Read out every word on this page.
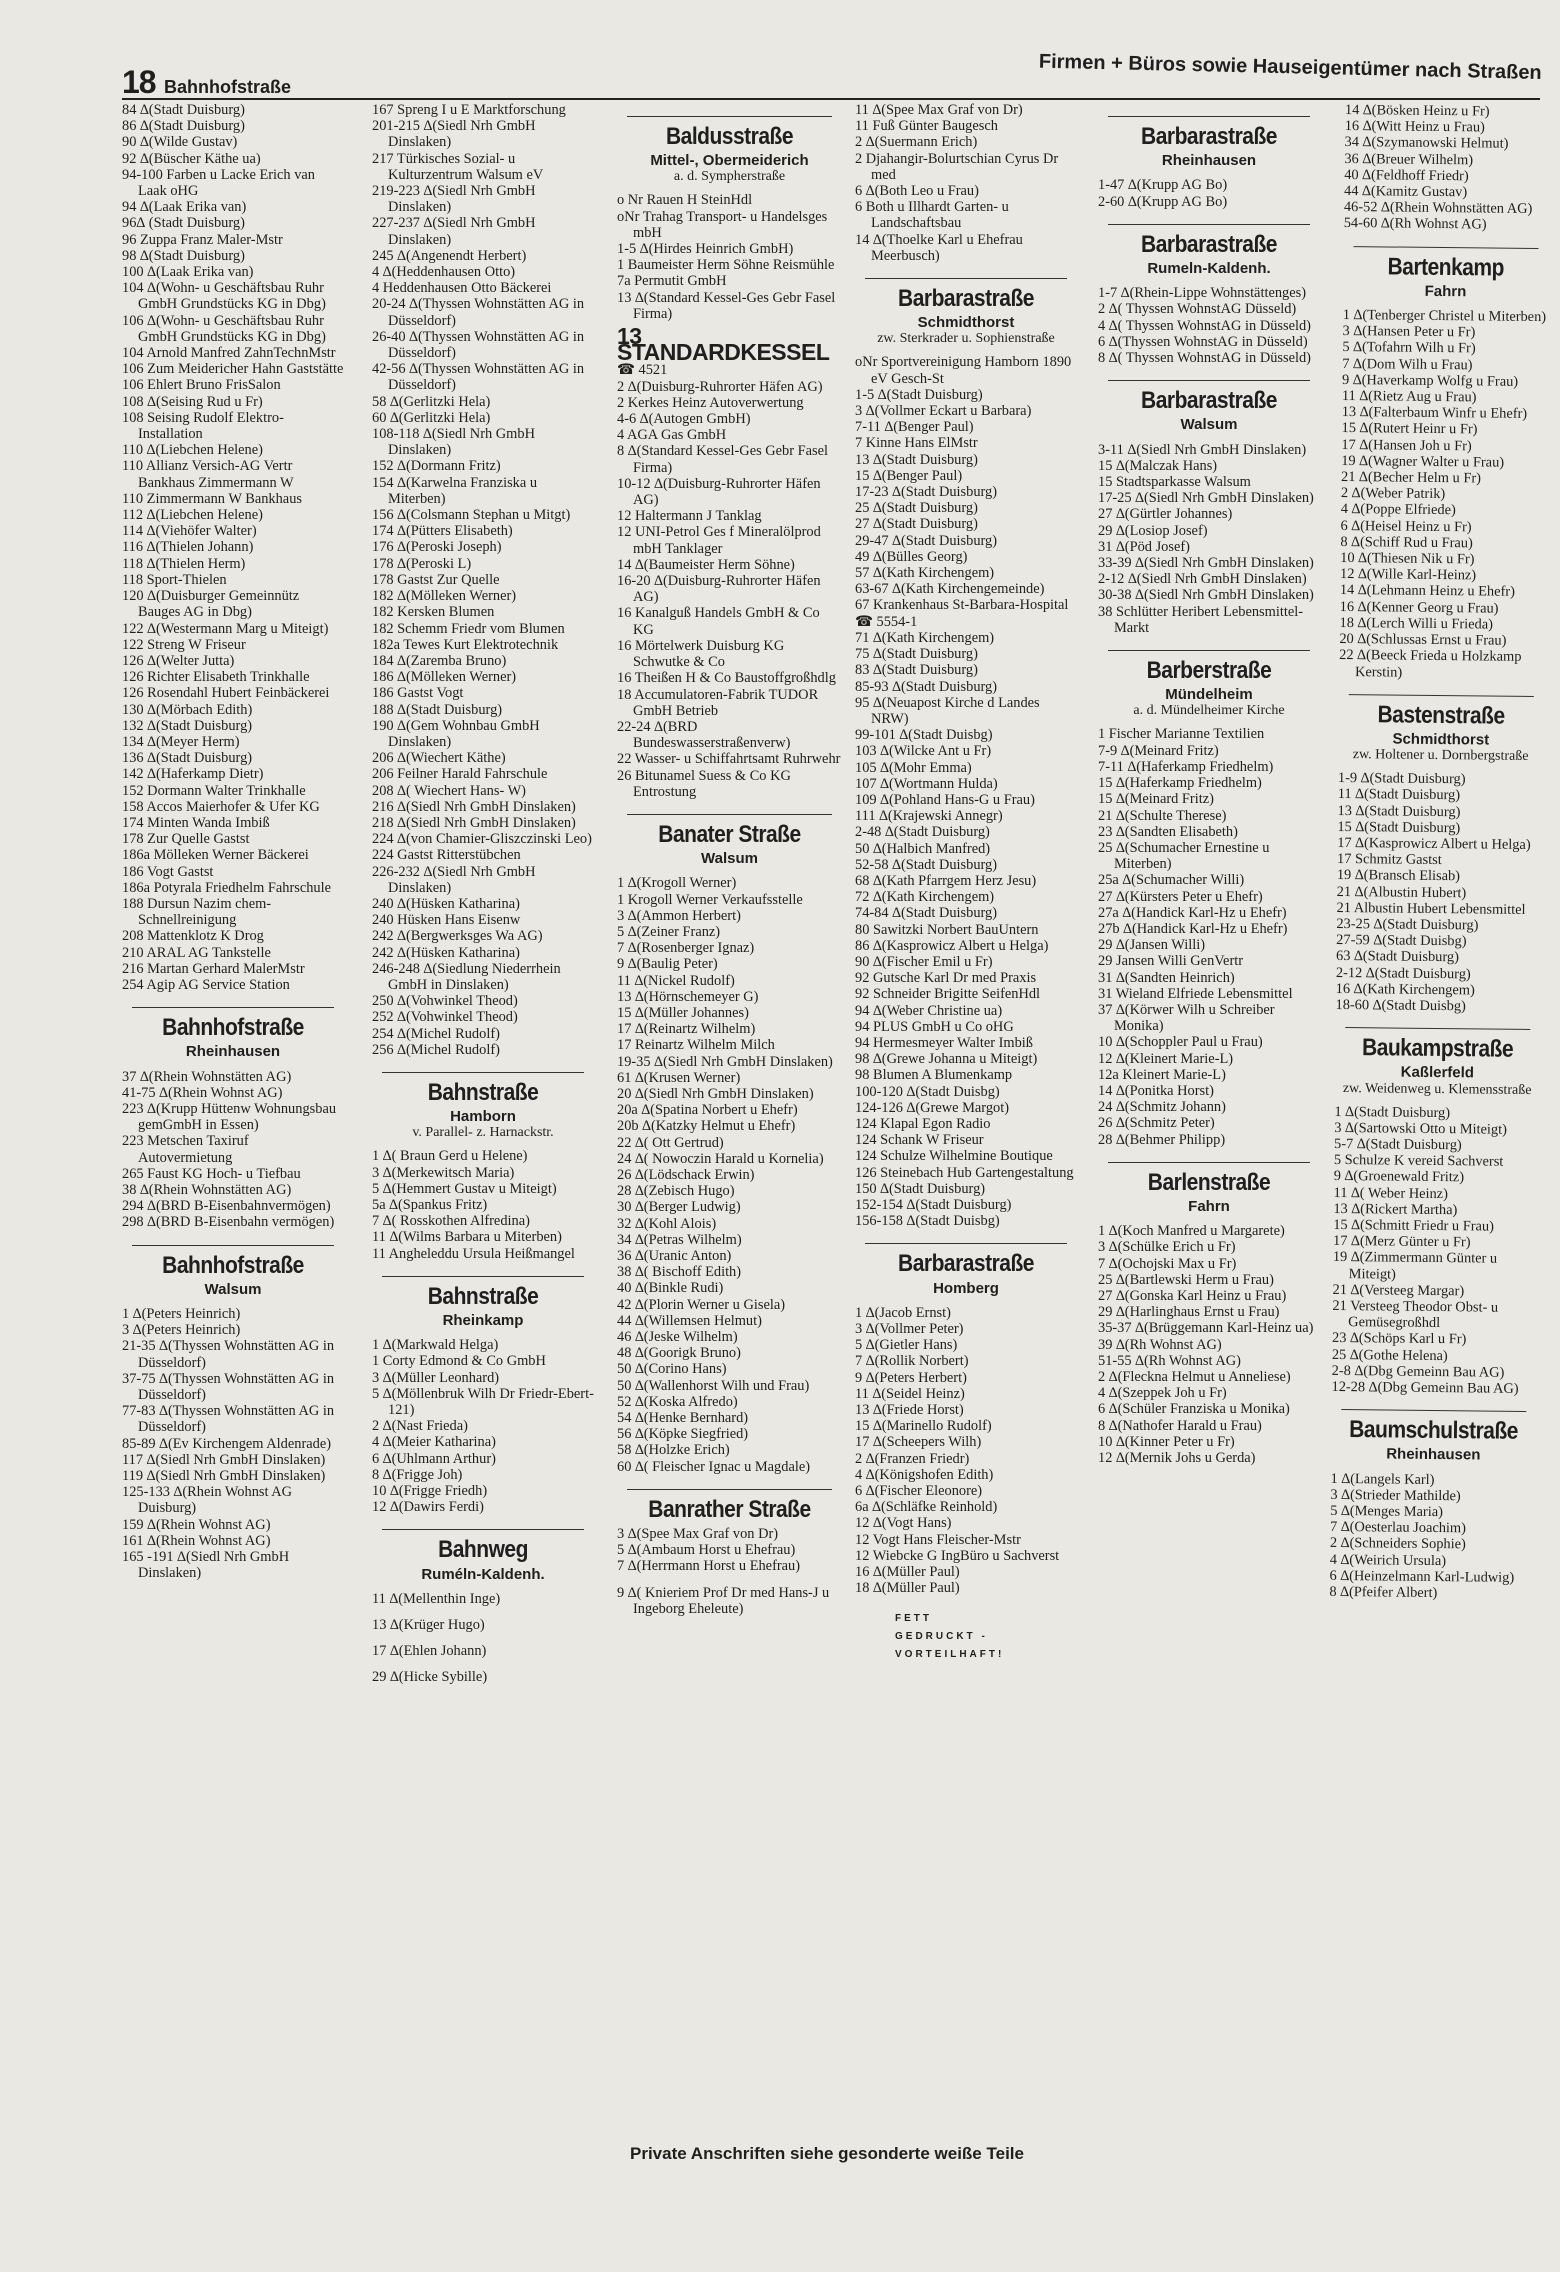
18 Bahnhofstraße
Firmen + Büros sowie Hauseigentümer nach Straßen
84 ∆(Stadt Duisburg)
86 ∆(Stadt Duisburg)
90 ∆(Wilde Gustav)
92 ∆(Büscher Käthe ua)
94-100 Farben u Lacke Erich van Laak oHG
94 ∆(Laak Erika van)
96∆ (Stadt Duisburg)
96 Zuppa Franz Maler-Mstr
98 ∆(Stadt Duisburg)
100 ∆(Laak Erika van)
104 ∆(Wohn- u Geschäftsbau Ruhr GmbH Grundstücks KG in Dbg)
106 ∆(Wohn- u Geschäftsbau Ruhr GmbH Grundstücks KG in Dbg)
104 Arnold Manfred ZahnTechnMstr
106 Zum Meidericher Hahn Gaststätte
106 Ehlert Bruno FrisSalon
108 ∆(Seising Rud u Fr)
108 Seising Rudolf Elektro-Installation
110 ∆(Liebchen Helene)
110 Allianz Versich-AG Vertr Bankhaus Zimmermann W
110 Zimmermann W Bankhaus
112 ∆(Liebchen Helene)
114 ∆(Viehöfer Walter)
116 ∆(Thielen Johann)
118 ∆(Thielen Herm)
118 Sport-Thielen
120 ∆(Duisburger Gemeinnütz Bauges AG in Dbg)
122 ∆(Westermann Marg u Miteigt)
122 Streng W Friseur
126 ∆(Welter Jutta)
126 Richter Elisabeth Trinkhalle
126 Rosendahl Hubert Feinbäckerei
130 ∆(Mörbach Edith)
132 ∆(Stadt Duisburg)
134 ∆(Meyer Herm)
136 ∆(Stadt Duisburg)
142 ∆(Haferkamp Dietr)
152 Dormann Walter Trinkhalle
158 Accos Maierhofer & Ufer KG
174 Minten Wanda Imbiß
178 Zur Quelle Gastst
186a Mölleken Werner Bäckerei
186 Vogt Gastst
186a Potyrala Friedhelm Fahrschule
188 Dursun Nazim chem-Schnellreinigung
208 Mattenklotz K Drog
210 ARAL AG Tankstelle
216 Martan Gerhard MalerMstr
254 Agip AG Service Station
Bahnhofstraße
Rheinhausen
37 ∆(Rhein Wohnstätten AG)
41-75 ∆(Rhein Wohnst AG)
223 ∆(Krupp Hüttenw Wohnungsbau gemGmbH in Essen)
223 Metschen Taxiruf Autovermietung
265 Faust KG Hoch- u Tiefbau
38 ∆(Rhein Wohnstätten AG)
294 ∆(BRD B-Eisenbahnvermögen)
298 ∆(BRD B-Eisenbahn vermögen)
Bahnhofstraße
Walsum
1 ∆(Peters Heinrich)
3 ∆(Peters Heinrich)
21-35 ∆(Thyssen Wohnstätten AG in Düsseldorf)
37-75 ∆(Thyssen Wohnstätten AG in Düsseldorf)
77-83 ∆(Thyssen Wohnstätten AG in Düsseldorf)
85-89 ∆(Ev Kirchengem Aldenrade)
117 ∆(Siedl Nrh GmbH Dinslaken)
119 ∆(Siedl Nrh GmbH Dinslaken)
125-133 ∆(Rhein Wohnst AG Duisburg)
159 ∆(Rhein Wohnst AG)
161 ∆(Rhein Wohnst AG)
165 -191 ∆(Siedl Nrh GmbH Dinslaken)
167 Spreng I u E Marktforschung
201-215 ∆(Siedl Nrh GmbH Dinslaken)
217 Türkisches Sozial- u Kulturzentrum Walsum eV
219-223 ∆(Siedl Nrh GmbH Dinslaken)
227-237 ∆(Siedl Nrh GmbH Dinslaken)
245 ∆(Angenendt Herbert)
4 ∆(Heddenhausen Otto)
4 Heddenhausen Otto Bäckerei
20-24 ∆(Thyssen Wohnstätten AG in Düsseldorf)
26-40 ∆(Thyssen Wohnstätten AG in Düsseldorf)
42-56 ∆(Thyssen Wohnstätten AG in Düsseldorf)
58 ∆(Gerlitzki Hela)
60 ∆(Gerlitzki Hela)
108-118 ∆(Siedl Nrh GmbH Dinslaken)
152 ∆(Dormann Fritz)
154 ∆(Karwelna Franziska u Miterben)
156 ∆(Colsmann Stephan u Mitgt)
174 ∆(Pütters Elisabeth)
176 ∆(Peroski Joseph)
178 ∆(Peroski L)
178 Gastst Zur Quelle
182 ∆(Mölleken Werner)
182 Kersken Blumen
182 Schemm Friedr vom Blumen
182a Tewes Kurt Elektrotechnik
184 ∆(Zaremba Bruno)
186 ∆(Mölleken Werner)
186 Gastst Vogt
188 ∆(Stadt Duisburg)
190 ∆(Gem Wohnbau GmbH Dinslaken)
206 ∆(Wiechert Käthe)
206 Feilner Harald Fahrschule
208 ∆( Wiechert Hans- W)
216 ∆(Siedl Nrh GmbH Dinslaken)
218 ∆(Siedl Nrh GmbH Dinslaken)
224 ∆(von Chamier-Gliszczinski Leo)
224 Gastst Ritterstübchen
226-232 ∆(Siedl Nrh GmbH Dinslaken)
240 ∆(Hüsken Katharina)
240 Hüsken Hans Eisenw
242 ∆(Bergwerksges Wa AG)
242 ∆(Hüsken Katharina)
246-248 ∆(Siedlung Niederrhein GmbH in Dinslaken)
250 ∆(Vohwinkel Theod)
252 ∆(Vohwinkel Theod)
254 ∆(Michel Rudolf)
256 ∆(Michel Rudolf)
Bahnstraße
Hamborn
v. Parallel- z. Harnackstr.
1 ∆( Braun Gerd u Helene)
3 ∆(Merkewitsch Maria)
5 ∆(Hemmert Gustav u Miteigt)
5a ∆(Spankus Fritz)
7 ∆( Rosskothen Alfredina)
11 ∆(Wilms Barbara u Miterben)
11 Angheleddu Ursula Heißmangel
Bahnstraße
Rheinkamp
1 ∆(Markwald Helga)
1 Corty Edmond & Co GmbH
3 ∆(Müller Leonhard)
5 ∆(Möllenbruk Wilh Dr Friedr-Ebert-121)
2 ∆(Nast Frieda)
4 ∆(Meier Katharina)
6 ∆(Uhlmann Arthur)
8 ∆(Frigge Joh)
10 ∆(Frigge Friedh)
12 ∆(Dawirs Ferdi)
Bahnweg
Ruméln-Kaldenh.
11 ∆(Mellenthin Inge)
13 ∆(Krüger Hugo)
17 ∆(Ehlen Johann)
29 ∆(Hicke Sybille)
Baldusstraße
Mittel-, Obermeiderich
a. d. Sympherstraße
o Nr Rauen H SteinHdl
oNr Trahag Transport- u Handelsges mbH
1-5 ∆(Hirdes Heinrich GmbH)
1 Baumeister Herm Söhne Reismühle
7a Permutit GmbH
13 ∆(Standard Kessel-Ges Gebr Fasel Firma)
13 STANDARDKESSEL
☎ 4521
2 ∆(Duisburg-Ruhrorter Häfen AG)
2 Kerkes Heinz Autoverwertung
4-6 ∆(Autogen GmbH)
4 AGA Gas GmbH
8 ∆(Standard Kessel-Ges Gebr Fasel Firma)
10-12 ∆(Duisburg-Ruhrorter Häfen AG)
12 Haltermann J Tanklag
12 UNI-Petrol Ges f Mineralölprod mbH Tanklager
14 ∆(Baumeister Herm Söhne)
16-20 ∆(Duisburg-Ruhrorter Häfen AG)
16 Kanalguß Handels GmbH & Co KG
16 Mörtelwerk Duisburg KG Schwutke & Co
16 Theißen H & Co Baustoffgroßhdlg
18 Accumulatoren-Fabrik TUDOR GmbH Betrieb
22-24 ∆(BRD Bundeswasserstraßenverw)
22 Wasser- u Schiffahrtsamt Ruhrwehr
26 Bitunamel Suess & Co KG Entrostung
Banater Straße
Walsum
1 ∆(Krogoll Werner)
1 Krogoll Werner Verkaufsstelle
3 ∆(Ammon Herbert)
5 ∆(Zeiner Franz)
7 ∆(Rosenberger Ignaz)
9 ∆(Baulig Peter)
11 ∆(Nickel Rudolf)
13 ∆(Hörnschemeyer G)
15 ∆(Müller Johannes)
17 ∆(Reinartz Wilhelm)
17 Reinartz Wilhelm Milch
19-35 ∆(Siedl Nrh GmbH Dinslaken)
61 ∆(Krusen Werner)
20 ∆(Siedl Nrh GmbH Dinslaken)
20a ∆(Spatina Norbert u Ehefr)
20b ∆(Katzky Helmut u Ehefr)
22 ∆( Ott Gertrud)
24 ∆( Nowoczin Harald u Kornelia)
26 ∆(Lödschack Erwin)
28 ∆(Zebisch Hugo)
30 ∆(Berger Ludwig)
32 ∆(Kohl Alois)
34 ∆(Petras Wilhelm)
36 ∆(Uranic Anton)
38 ∆( Bischoff Edith)
40 ∆(Binkle Rudi)
42 ∆(Plorin Werner u Gisela)
44 ∆(Willemsen Helmut)
46 ∆(Jeske Wilhelm)
48 ∆(Goorigk Bruno)
50 ∆(Corino Hans)
50 ∆(Wallenhorst Wilh und Frau)
52 ∆(Koska Alfredo)
54 ∆(Henke Bernhard)
56 ∆(Köpke Siegfried)
58 ∆(Holzke Erich)
60 ∆( Fleischer Ignac u Magdale)
Banrather Straße
3 ∆(Spee Max Graf von Dr)
5 ∆(Ambaum Horst u Ehefrau)
7 ∆(Herrmann Horst u Ehefrau)
9 ∆( Knieriem Prof Dr med Hans-J u Ingeborg Eheleute)
11 ∆(Spee Max Graf von Dr)
11 Fuß Günter Baugesch
2 ∆(Suermann Erich)
2 Djahangir-Bolurtschian Cyrus Dr med
6 ∆(Both Leo u Frau)
6 Both u Illhardt Garten- u Landschaftsbau
14 ∆(Thoelke Karl u Ehefrau Meerbusch)
Barbarastraße
Schmidthorst
zw. Sterkrader u. Sophienstraße
oNr Sportvereinigung Hamborn 1890 eV Gesch-St
1-5 ∆(Stadt Duisburg)
3 ∆(Vollmer Eckart u Barbara)
7-11 ∆(Benger Paul)
7 Kinne Hans ElMstr
13 ∆(Stadt Duisburg)
15 ∆(Benger Paul)
17-23 ∆(Stadt Duisburg)
25 ∆(Stadt Duisburg)
27 ∆(Stadt Duisburg)
29-47 ∆(Stadt Duisburg)
49 ∆(Bülles Georg)
57 ∆(Kath Kirchengem)
63-67 ∆(Kath Kirchengemeinde)
67 Krankenhaus St-Barbara-Hospital
☎ 5554-1
71 ∆(Kath Kirchengem)
75 ∆(Stadt Duisburg)
83 ∆(Stadt Duisburg)
85-93 ∆(Stadt Duisburg)
95 ∆(Neuapost Kirche d Landes NRW)
99-101 ∆(Stadt Duisbg)
103 ∆(Wilcke Ant u Fr)
105 ∆(Mohr Emma)
107 ∆(Wortmann Hulda)
109 ∆(Pohland Hans-G u Frau)
111 ∆(Krajewski Annegr)
2-48 ∆(Stadt Duisburg)
50 ∆(Halbich Manfred)
52-58 ∆(Stadt Duisburg)
68 ∆(Kath Pfarrgem Herz Jesu)
72 ∆(Kath Kirchengem)
74-84 ∆(Stadt Duisburg)
80 Sawitzki Norbert BauUntern
86 ∆(Kasprowicz Albert u Helga)
90 ∆(Fischer Emil u Fr)
92 Gutsche Karl Dr med Praxis
92 Schneider Brigitte SeifenHdl
94 ∆(Weber Christine ua)
94 PLUS GmbH u Co oHG
94 Hermesmeyer Walter Imbiß
98 ∆(Grewe Johanna u Miteigt)
98 Blumen A Blumenkamp
100-120 ∆(Stadt Duisbg)
124-126 ∆(Grewe Margot)
124 Klapal Egon Radio
124 Schank W Friseur
124 Schulze Wilhelmine Boutique
126 Steinebach Hub Gartengestaltung
150 ∆(Stadt Duisburg)
152-154 ∆(Stadt Duisburg)
156-158 ∆(Stadt Duisbg)
Barbarastraße
Homberg
1 ∆(Jacob Ernst)
3 ∆(Vollmer Peter)
5 ∆(Gietler Hans)
7 ∆(Rollik Norbert)
9 ∆(Peters Herbert)
11 ∆(Seidel Heinz)
13 ∆(Friede Horst)
15 ∆(Marinello Rudolf)
17 ∆(Scheepers Wilh)
2 ∆(Franzen Friedr)
4 ∆(Königshofen Edith)
6 ∆(Fischer Eleonore)
6a ∆(Schläfke Reinhold)
12 ∆(Vogt Hans)
12 Vogt Hans Fleischer-Mstr
12 Wiebcke G IngBüro u Sachverst
16 ∆(Müller Paul)
18 ∆(Müller Paul)
FETT
GEDRUCKT -
VORTEILHAFT!
Barbarastraße
Rheinhausen
1-47 ∆(Krupp AG Bo)
2-60 ∆(Krupp AG Bo)
Barbarastraße
Rumeln-Kaldenh.
1-7 ∆(Rhein-Lippe Wohnstättenges)
2 ∆( Thyssen WohnstAG Düsseld)
4 ∆( Thyssen WohnstAG in Düsseld)
6 ∆(Thyssen WohnstAG in Düsseld)
8 ∆( Thyssen WohnstAG in Düsseld)
Barbarastraße
Walsum
3-11 ∆(Siedl Nrh GmbH Dinslaken)
15 ∆(Malczak Hans)
15 Stadtsparkasse Walsum
17-25 ∆(Siedl Nrh GmbH Dinslaken)
27 ∆(Gürtler Johannes)
29 ∆(Losiop Josef)
31 ∆(Pöd Josef)
33-39 ∆(Siedl Nrh GmbH Dinslaken)
2-12 ∆(Siedl Nrh GmbH Dinslaken)
30-38 ∆(Siedl Nrh GmbH Dinslaken)
38 Schlütter Heribert Lebensmittel-Markt
Barberstraße
Mündelheim
a. d. Mündelheimer Kirche
1 Fischer Marianne Textilien
7-9 ∆(Meinard Fritz)
7-11 ∆(Haferkamp Friedhelm)
15 ∆(Haferkamp Friedhelm)
15 ∆(Meinard Fritz)
21 ∆(Schulte Therese)
23 ∆(Sandten Elisabeth)
25 ∆(Schumacher Ernestine u Miterben)
25a ∆(Schumacher Willi)
27 ∆(Kürsters Peter u Ehefr)
27a ∆(Handick Karl-Hz u Ehefr)
27b ∆(Handick Karl-Hz u Ehefr)
29 ∆(Jansen Willi)
29 Jansen Willi GenVertr
31 ∆(Sandten Heinrich)
31 Wieland Elfriede Lebensmittel
37 ∆(Körwer Wilh u Schreiber Monika)
10 ∆(Schoppler Paul u Frau)
12 ∆(Kleinert Marie-L)
12a Kleinert Marie-L)
14 ∆(Ponitka Horst)
24 ∆(Schmitz Johann)
26 ∆(Schmitz Peter)
28 ∆(Behmer Philipp)
Barlenstraße
Fahrn
1 ∆(Koch Manfred u Margarete)
3 ∆(Schülke Erich u Fr)
7 ∆(Ochojski Max u Fr)
25 ∆(Bartlewski Herm u Frau)
27 ∆(Gonska Karl Heinz u Frau)
29 ∆(Harlinghaus Ernst u Frau)
35-37 ∆(Brüggemann Karl-Heinz ua)
39 ∆(Rh Wohnst AG)
51-55 ∆(Rh Wohnst AG)
2 ∆(Fleckna Helmut u Anneliese)
4 ∆(Szeppek Joh u Fr)
6 ∆(Schüler Franziska u Monika)
8 ∆(Nathofer Harald u Frau)
10 ∆(Kinner Peter u Fr)
12 ∆(Mernik Johs u Gerda)
14 ∆(Bösken Heinz u Fr)
16 ∆(Witt Heinz u Frau)
34 ∆(Szymanowski Helmut)
36 ∆(Breuer Wilhelm)
40 ∆(Feldhoff Friedr)
44 ∆(Kamitz Gustav)
46-52 ∆(Rhein Wohnstätten AG)
54-60 ∆(Rh Wohnst AG)
Bartenkamp
Fahrn
1 ∆(Tenberger Christel u Miterben)
3 ∆(Hansen Peter u Fr)
5 ∆(Tofahrn Wilh u Fr)
7 ∆(Dom Wilh u Frau)
9 ∆(Haverkamp Wolfg u Frau)
11 ∆(Rietz Aug u Frau)
13 ∆(Falterbaum Winfr u Ehefr)
15 ∆(Rutert Heinr u Fr)
17 ∆(Hansen Joh u Fr)
19 ∆(Wagner Walter u Frau)
21 ∆(Becher Helm u Fr)
2 ∆(Weber Patrik)
4 ∆(Poppe Elfriede)
6 ∆(Heisel Heinz u Fr)
8 ∆(Schiff Rud u Frau)
10 ∆(Thiesen Nik u Fr)
12 ∆(Wille Karl-Heinz)
14 ∆(Lehmann Heinz u Ehefr)
16 ∆(Kenner Georg u Frau)
18 ∆(Lerch Willi u Frieda)
20 ∆(Schlussas Ernst u Frau)
22 ∆(Beeck Frieda u Holzkamp Kerstin)
Bastenstraße
Schmidthorst
zw. Holtener u. Dornbergstraße
1-9 ∆(Stadt Duisburg)
11 ∆(Stadt Duisburg)
13 ∆(Stadt Duisburg)
15 ∆(Stadt Duisburg)
17 ∆(Kasprowicz Albert u Helga)
17 Schmitz Gastst
19 ∆(Bransch Elisab)
21 ∆(Albustin Hubert)
21 Albustin Hubert Lebensmittel
23-25 ∆(Stadt Duisburg)
27-59 ∆(Stadt Duisbg)
63 ∆(Stadt Duisburg)
2-12 ∆(Stadt Duisburg)
16 ∆(Kath Kirchengem)
18-60 ∆(Stadt Duisbg)
Baukampstraße
Kaßlerfeld
zw. Weidenweg u. Klemensstraße
1 ∆(Stadt Duisburg)
3 ∆(Sartowski Otto u Miteigt)
5-7 ∆(Stadt Duisburg)
5 Schulze K vereid Sachverst
9 ∆(Groenewald Fritz)
11 ∆( Weber Heinz)
13 ∆(Rickert Martha)
15 ∆(Schmitt Friedr u Frau)
17 ∆(Merz Günter u Fr)
19 ∆(Zimmermann Günter u Miteigt)
21 ∆(Versteeg Margar)
21 Versteeg Theodor Obst- u Gemüsegroßhdl
23 ∆(Schöps Karl u Fr)
25 ∆(Gothe Helena)
2-8 ∆(Dbg Gemeinn Bau AG)
12-28 ∆(Dbg Gemeinn Bau AG)
Baumschulstraße
Rheinhausen
1 ∆(Langels Karl)
3 ∆(Strieder Mathilde)
5 ∆(Menges Maria)
7 ∆(Oesterlau Joachim)
2 ∆(Schneiders Sophie)
4 ∆(Weirich Ursula)
6 ∆(Heinzelmann Karl-Ludwig)
8 ∆(Pfeifer Albert)
Private Anschriften siehe gesonderte weiße Teile
